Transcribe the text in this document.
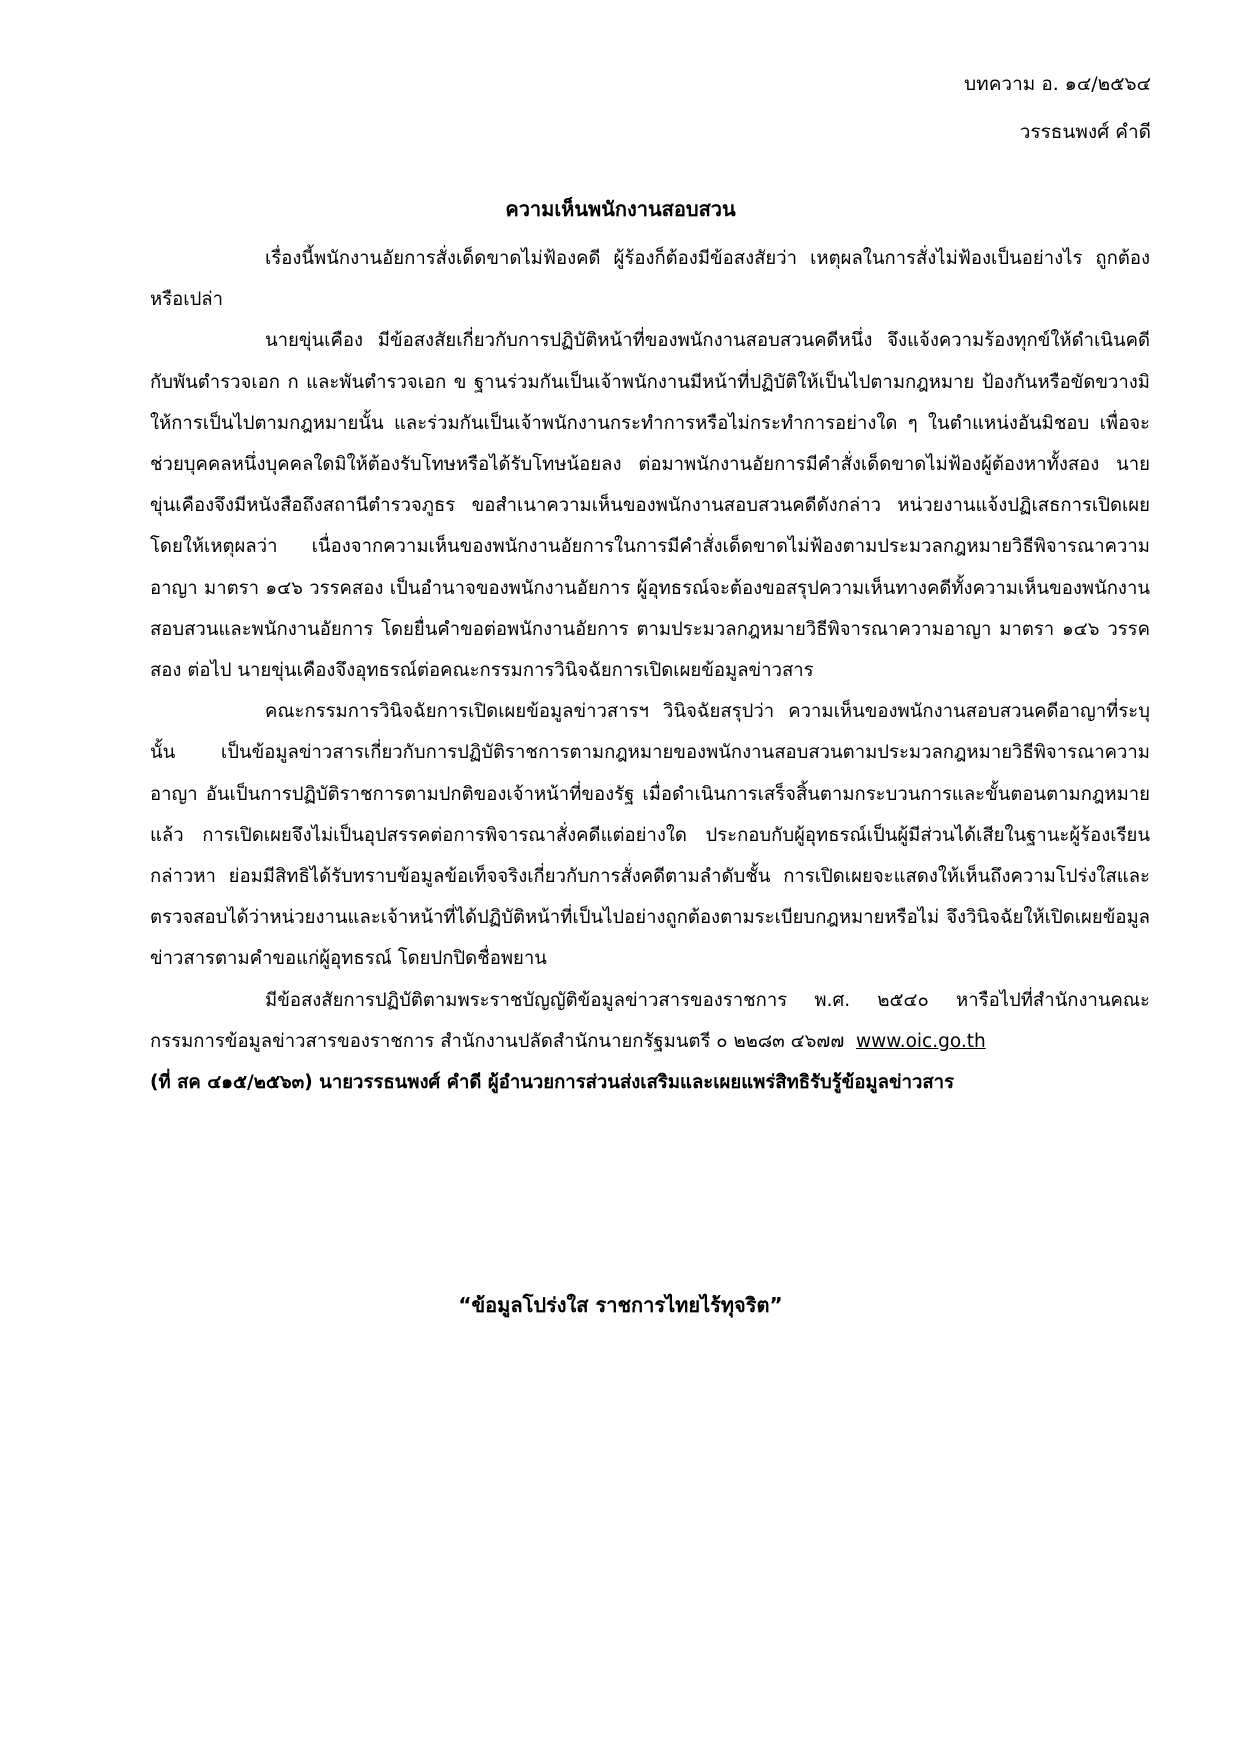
บทความ อ. ๑๔/๒๕๖๔
วรรธนพงศ์ คำดี
ความเห็นพนักงานสอบสวน

เรื่องนี้พนักงานอัยการสั่งเด็ดขาดไม่ฟ้องคดี ผู้ร้องก็ต้องมีข้อสงสัยว่า เหตุผลในการสั่งไม่ฟ้องเป็นอย่างไร ถูกต้องหรือเปล่า

นายขุ่นเคือง มีข้อสงสัยเกี่ยวกับการปฏิบัติหน้าที่ของพนักงานสอบสวนคดีหนึ่ง จึงแจ้งความร้องทุกข์ให้ดำเนินคดีกับพันตำรวจเอก ก และพันตำรวจเอก ข ฐานร่วมกันเป็นเจ้าพนักงานมีหน้าที่ปฏิบัติให้เป็นไปตามกฎหมาย ป้องกันหรือขัดขวางมิให้การเป็นไปตามกฎหมายนั้น และร่วมกันเป็นเจ้าพนักงานกระทำการหรือไม่กระทำการอย่างใด ๆ ในตำแหน่งอันมิชอบ เพื่อจะช่วยบุคคลหนึ่งบุคคลใดมิให้ต้องรับโทษหรือได้รับโทษน้อยลง ต่อมาพนักงานอัยการมีคำสั่งเด็ดขาดไม่ฟ้องผู้ต้องหาทั้งสอง นายขุ่นเคืองจึงมีหนังสือถึงสถานีตำรวจภูธร ขอสำเนาความเห็นของพนักงานสอบสวนคดีดังกล่าว หน่วยงานแจ้งปฏิเสธการเปิดเผยโดยให้เหตุผลว่า เนื่องจากความเห็นของพนักงานอัยการในการมีคำสั่งเด็ดขาดไม่ฟ้องตามประมวลกฎหมายวิธีพิจารณาความอาญา มาตรา ๑๔๖ วรรคสอง เป็นอำนาจของพนักงานอัยการ ผู้อุทธรณ์จะต้องขอสรุปความเห็นทางคดีทั้งความเห็นของพนักงานสอบสวนและพนักงานอัยการ โดยยื่นคำขอต่อพนักงานอัยการ ตามประมวลกฎหมายวิธีพิจารณาความอาญา มาตรา ๑๔๖ วรรคสอง ต่อไป นายขุ่นเคืองจึงอุทธรณ์ต่อคณะกรรมการวินิจฉัยการเปิดเผยข้อมูลข่าวสาร

คณะกรรมการวินิจฉัยการเปิดเผยข้อมูลข่าวสารฯ วินิจฉัยสรุปว่า ความเห็นของพนักงานสอบสวนคดีอาญาที่ระบุนั้น เป็นข้อมูลข่าวสารเกี่ยวกับการปฏิบัติราชการตามกฎหมายของพนักงานสอบสวนตามประมวลกฎหมายวิธีพิจารณาความอาญา อันเป็นการปฏิบัติราชการตามปกติของเจ้าหน้าที่ของรัฐ เมื่อดำเนินการเสร็จสิ้นตามกระบวนการและขั้นตอนตามกฎหมายแล้ว การเปิดเผยจึงไม่เป็นอุปสรรคต่อการพิจารณาสั่งคดีแต่อย่างใด ประกอบกับผู้อุทธรณ์เป็นผู้มีส่วนได้เสียในฐานะผู้ร้องเรียนกล่าวหา ย่อมมีสิทธิได้รับทราบข้อมูลข้อเท็จจริงเกี่ยวกับการสั่งคดีตามลำดับชั้น การเปิดเผยจะแสดงให้เห็นถึงความโปร่งใสและตรวจสอบได้ว่าหน่วยงานและเจ้าหน้าที่ได้ปฏิบัติหน้าที่เป็นไปอย่างถูกต้องตามระเบียบกฎหมายหรือไม่ จึงวินิจฉัยให้เปิดเผยข้อมูลข่าวสารตามคำขอแก่ผู้อุทธรณ์ โดยปกปิดชื่อพยาน

มีข้อสงสัยการปฏิบัติตามพระราชบัญญัติข้อมูลข่าวสารของราชการ พ.ศ. ๒๕๔๐ หารือไปที่สำนักงานคณะกรรมการข้อมูลข่าวสารของราชการ สำนักงานปลัดสำนักนายกรัฐมนตรี ๐ ๒๒๘๓ ๔๖๗๗ www.oic.go.th

(ที่ สค ๔๑๕/๒๕๖๓) นายวรรธนพงศ์ คำดี ผู้อำนวยการส่วนส่งเสริมและเผยแพร่สิทธิรับรู้ข้อมูลข่าวสาร

“ข้อมูลโปร่งใส ราชการไทยไร้ทุจริต”
